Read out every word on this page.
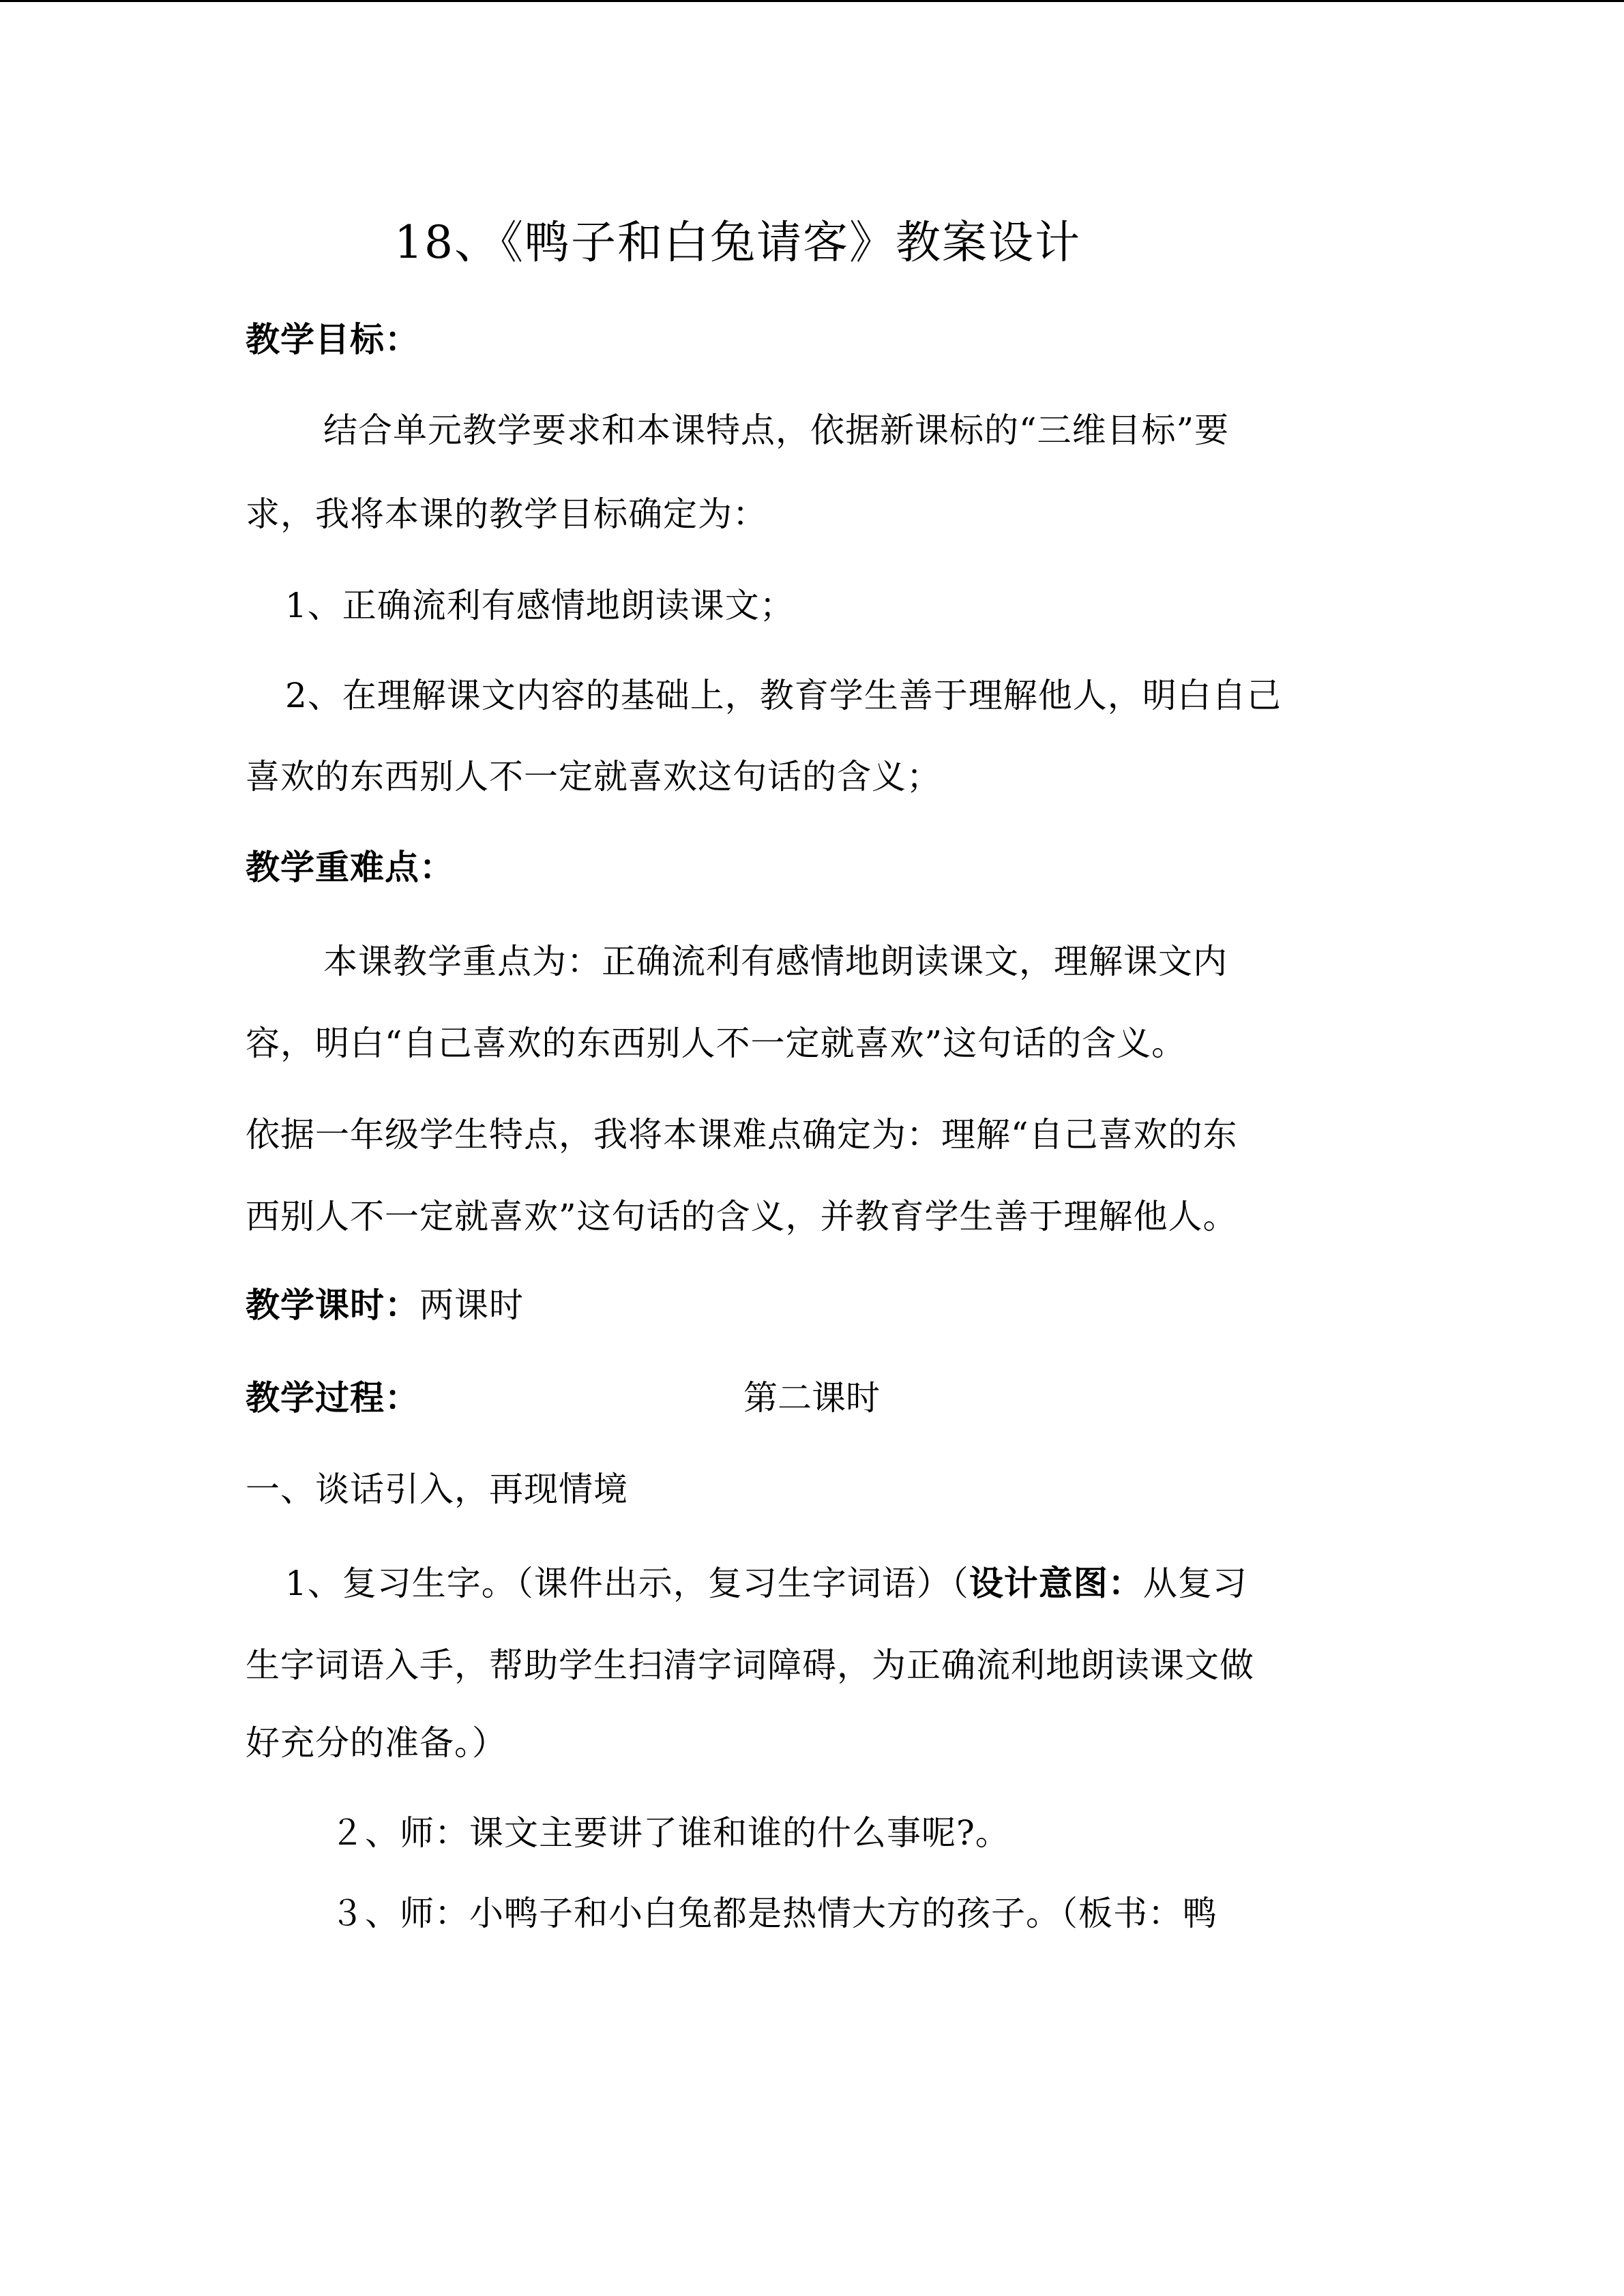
18、《鸭子和白兔请客》教案设计
教学目标：
结合单元教学要求和本课特点，依据新课标的“三维目标”要
求，我将本课的教学目标确定为：
1、正确流利有感情地朗读课文；
2、在理解课文内容的基础上，教育学生善于理解他人，明白自己
喜欢的东西别人不一定就喜欢这句话的含义；
教学重难点：
本课教学重点为：正确流利有感情地朗读课文，理解课文内
容，明白“自己喜欢的东西别人不一定就喜欢”这句话的含义。
依据一年级学生特点，我将本课难点确定为：理解“自己喜欢的东
西别人不一定就喜欢”这句话的含义，并教育学生善于理解他人。
教学课时：两课时
教学过程：	第二课时
一、谈话引入，再现情境
1、复习生字。（课件出示，复习生字词语）（设计意图：从复习
生字词语入手，帮助学生扫清字词障碍，为正确流利地朗读课文做
好充分的准备。）
２、师：课文主要讲了谁和谁的什么事呢?。
３、师：小鸭子和小白兔都是热情大方的孩子。（板书：鸭
